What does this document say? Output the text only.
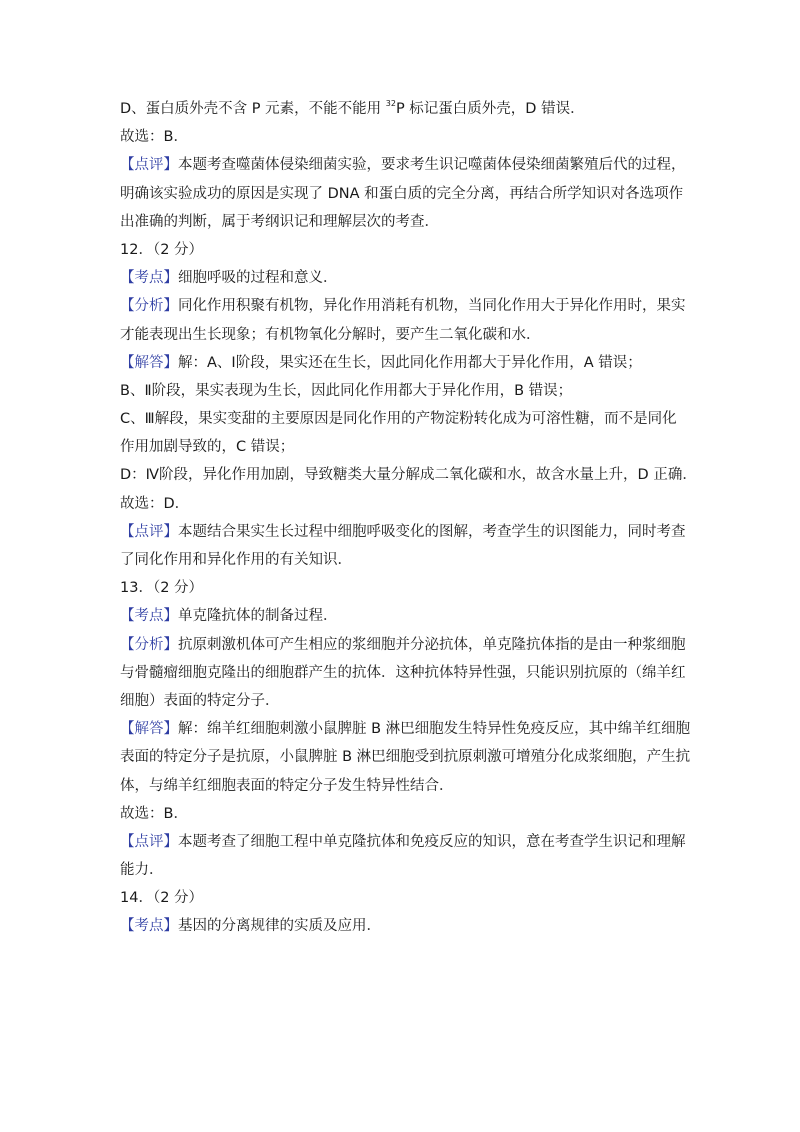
D、蛋白质外壳不含 P 元素，不能不能用 $^{32}$P 标记蛋白质外壳，D 错误．
故选：B．
【点评】本题考查噬菌体侵染细菌实验，要求考生识记噬菌体侵染细菌繁殖后代的过程，
明确该实验成功的原因是实现了 DNA 和蛋白质的完全分离，再结合所学知识对各选项作
出准确的判断，属于考纲识记和理解层次的考查．
12．（2 分）
【考点】细胞呼吸的过程和意义．
【分析】同化作用积聚有机物，异化作用消耗有机物，当同化作用大于异化作用时，果实
才能表现出生长现象；有机物氧化分解时，要产生二氧化碳和水．
【解答】解：A、Ⅰ阶段，果实还在生长，因此同化作用都大于异化作用，A 错误；
B、Ⅱ阶段，果实表现为生长，因此同化作用都大于异化作用，B 错误；
C、Ⅲ解段，果实变甜的主要原因是同化作用的产物淀粉转化成为可溶性糖，而不是同化
作用加剧导致的，C 错误；
D：Ⅳ阶段，异化作用加剧，导致糖类大量分解成二氧化碳和水，故含水量上升，D 正确．
故选：D．
【点评】本题结合果实生长过程中细胞呼吸变化的图解，考查学生的识图能力，同时考查
了同化作用和异化作用的有关知识．
13．（2 分）
【考点】单克隆抗体的制备过程．
【分析】抗原刺激机体可产生相应的浆细胞并分泌抗体，单克隆抗体指的是由一种浆细胞
与骨髓瘤细胞克隆出的细胞群产生的抗体．这种抗体特异性强，只能识别抗原的（绵羊红
细胞）表面的特定分子．
【解答】解：绵羊红细胞刺激小鼠脾脏 B 淋巴细胞发生特异性免疫反应，其中绵羊红细胞
表面的特定分子是抗原，小鼠脾脏 B 淋巴细胞受到抗原刺激可增殖分化成浆细胞，产生抗
体，与绵羊红细胞表面的特定分子发生特异性结合．
故选：B．
【点评】本题考查了细胞工程中单克隆抗体和免疫反应的知识，意在考查学生识记和理解
能力．
14．（2 分）
【考点】基因的分离规律的实质及应用．
